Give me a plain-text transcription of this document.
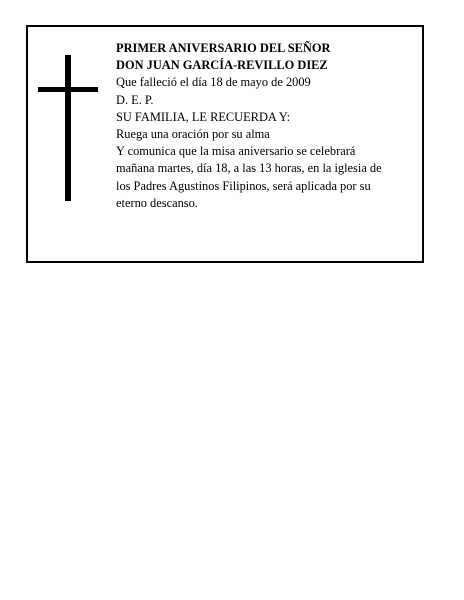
PRIMER ANIVERSARIO DEL SEÑOR
DON JUAN GARCÍA-REVILLO DIEZ
Que falleció el día 18 de mayo de 2009
D. E. P.
SU FAMILIA, LE RECUERDA Y:
Ruega una oración por su alma
Y comunica que la misa aniversario se celebrará
mañana martes, día 18, a las 13 horas, en la iglesia de
los Padres Agustinos Filipinos, será aplicada por su
eterno descanso.
